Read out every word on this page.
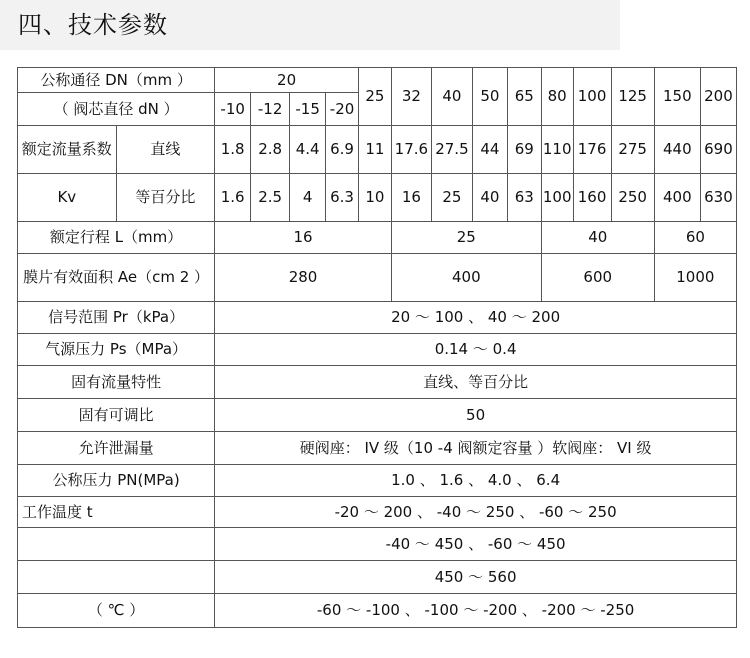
四、技术参数
公称通径 DN（mm ）		20				25	32	40	50	65	80	100	125	150	200
（ 阀芯直径 dN ）		-10	-12	-15	-20										
额定流量系数	直线	1.8	2.8	4.4	6.9	11	17.6	27.5	44	69	110	176	275	440	690
Kv	等百分比	1.6	2.5	4	6.3	10	16	25	40	63	100	160	250	400	630
额定行程 L（mm）		16					25				40			60	
膜片有效面积 Ae（cm 2 ）		280					400				600			1000	
信号范围 Pr（kPa）		20 ～ 100 、 40 ～ 200													
气源压力 Ps（MPa）		0.14 ～ 0.4													
固有流量特性		直线、等百分比													
固有可调比		50													
允许泄漏量		硬阀座： IV 级（10 -4 阀额定容量 ）软阀座： VI 级													
公称压力 PN(MPa)		1.0 、 1.6 、 4.0 、 6.4													
工作温度 t		-20 ～ 200 、 -40 ～ 250 、 -60 ～ 250													
		-40 ～ 450 、 -60 ～ 450													
		450 ～ 560													
（ ℃ ）		-60 ～ -100 、 -100 ～ -200 、 -200 ～ -250													
